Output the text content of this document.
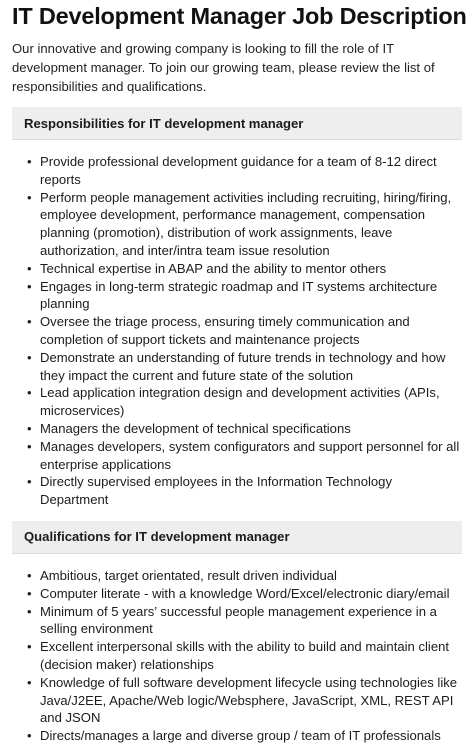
IT Development Manager Job Description

Our innovative and growing company is looking to fill the role of IT development manager. To join our growing team, please review the list of responsibilities and qualifications.

Responsibilities for IT development manager
• Provide professional development guidance for a team of 8-12 direct reports
• Perform people management activities including recruiting, hiring/firing, employee development, performance management, compensation planning (promotion), distribution of work assignments, leave authorization, and inter/intra team issue resolution
• Technical expertise in ABAP and the ability to mentor others
• Engages in long-term strategic roadmap and IT systems architecture planning
• Oversee the triage process, ensuring timely communication and completion of support tickets and maintenance projects
• Demonstrate an understanding of future trends in technology and how they impact the current and future state of the solution
• Lead application integration design and development activities (APIs, microservices)
• Managers the development of technical specifications
• Manages developers, system configurators and support personnel for all enterprise applications
• Directly supervised employees in the Information Technology Department
Qualifications for IT development manager
• Ambitious, target orientated, result driven individual
• Computer literate - with a knowledge Word/Excel/electronic diary/email
• Minimum of 5 years’ successful people management experience in a selling environment
• Excellent interpersonal skills with the ability to build and maintain client (decision maker) relationships
• Knowledge of full software development lifecycle using technologies like Java/J2EE, Apache/Web logic/Websphere, JavaScript, XML, REST API and JSON
• Directs/manages a large and diverse group / team of IT professionals
